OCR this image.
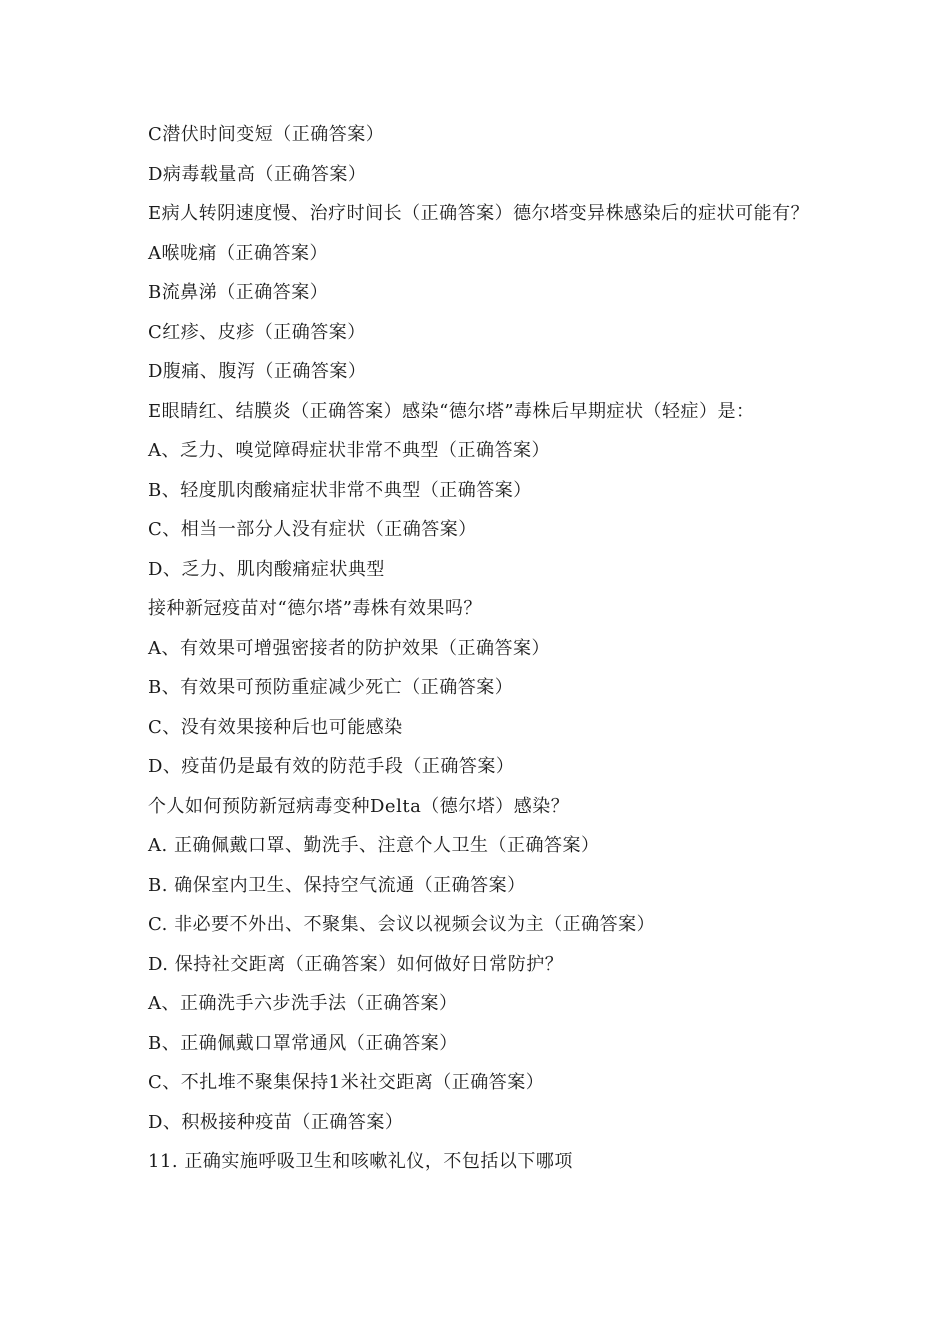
C潜伏时间变短（正确答案）
D病毒载量高（正确答案）
E病人转阴速度慢、治疗时间长（正确答案）德尔塔变异株感染后的症状可能有？
A喉咙痛（正确答案）
B流鼻涕（正确答案）
C红疹、皮疹（正确答案）
D腹痛、腹泻（正确答案）
E眼睛红、结膜炎（正确答案）感染“德尔塔”毒株后早期症状（轻症）是：
A、乏力、嗅觉障碍症状非常不典型（正确答案）
B、轻度肌肉酸痛症状非常不典型（正确答案）
C、相当一部分人没有症状（正确答案）
D、乏力、肌肉酸痛症状典型
接种新冠疫苗对“德尔塔”毒株有效果吗？
A、有效果可增强密接者的防护效果（正确答案）
B、有效果可预防重症减少死亡（正确答案）
C、没有效果接种后也可能感染
D、疫苗仍是最有效的防范手段（正确答案）
个人如何预防新冠病毒变种Delta（德尔塔）感染？
A. 正确佩戴口罩、勤洗手、注意个人卫生（正确答案）
B. 确保室内卫生、保持空气流通（正确答案）
C. 非必要不外出、不聚集、会议以视频会议为主（正确答案）
D. 保持社交距离（正确答案）如何做好日常防护？
A、正确洗手六步洗手法（正确答案）
B、正确佩戴口罩常通风（正确答案）
C、不扎堆不聚集保持1米社交距离（正确答案）
D、积极接种疫苗（正确答案）
11. 正确实施呼吸卫生和咳嗽礼仪，不包括以下哪项
